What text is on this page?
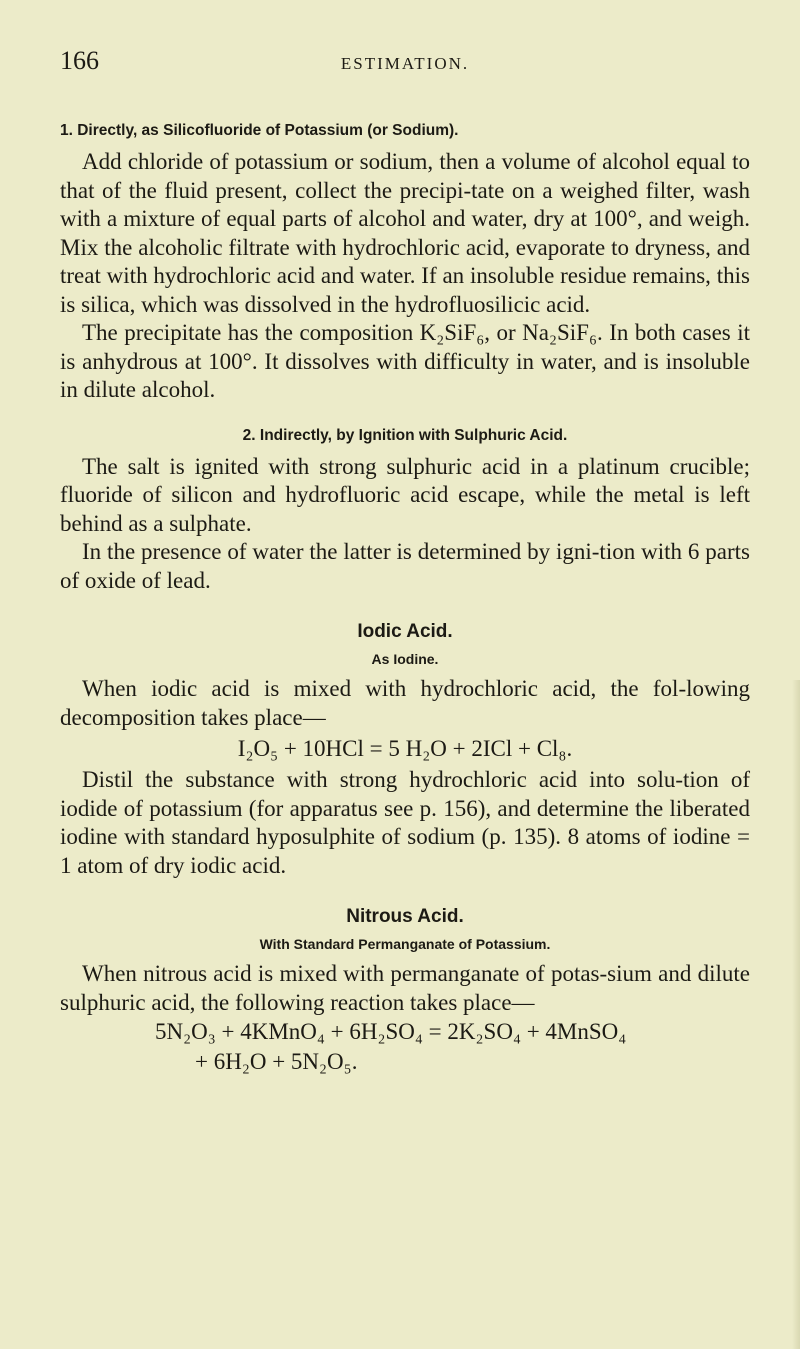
166	ESTIMATION.
1. Directly, as Silicofluoride of Potassium (or Sodium).

Add chloride of potassium or sodium, then a volume of alcohol equal to that of the fluid present, collect the precipi-tate on a weighed filter, wash with a mixture of equal parts of alcohol and water, dry at 100°, and weigh. Mix the alcoholic filtrate with hydrochloric acid, evaporate to dryness, and treat with hydrochloric acid and water. If an insoluble residue remains, this is silica, which was dissolved in the hydrofluosilicic acid.

The precipitate has the composition K₂SiF₆, or Na₂SiF₆. In both cases it is anhydrous at 100°. It dissolves with difficulty in water, and is insoluble in dilute alcohol.

2. Indirectly, by Ignition with Sulphuric Acid.

The salt is ignited with strong sulphuric acid in a platinum crucible; fluoride of silicon and hydrofluoric acid escape, while the metal is left behind as a sulphate.

In the presence of water the latter is determined by igni-tion with 6 parts of oxide of lead.

Iodic Acid.
As Iodine.

When iodic acid is mixed with hydrochloric acid, the fol-lowing decomposition takes place—

I₂O₅ + 10HCl = 5 H₂O + 2ICl + Cl₈.

Distil the substance with strong hydrochloric acid into solu-tion of iodide of potassium (for apparatus see p. 156), and determine the liberated iodine with standard hyposulphite of sodium (p. 135). 8 atoms of iodine = 1 atom of dry iodic acid.

Nitrous Acid.
With Standard Permanganate of Potassium.

When nitrous acid is mixed with permanganate of potas-sium and dilute sulphuric acid, the following reaction takes place—

5N₂O₃ + 4KMnO₄ + 6H₂SO₄ = 2K₂SO₄ + 4MnSO₄
+ 6H₂O + 5N₂O₅.
